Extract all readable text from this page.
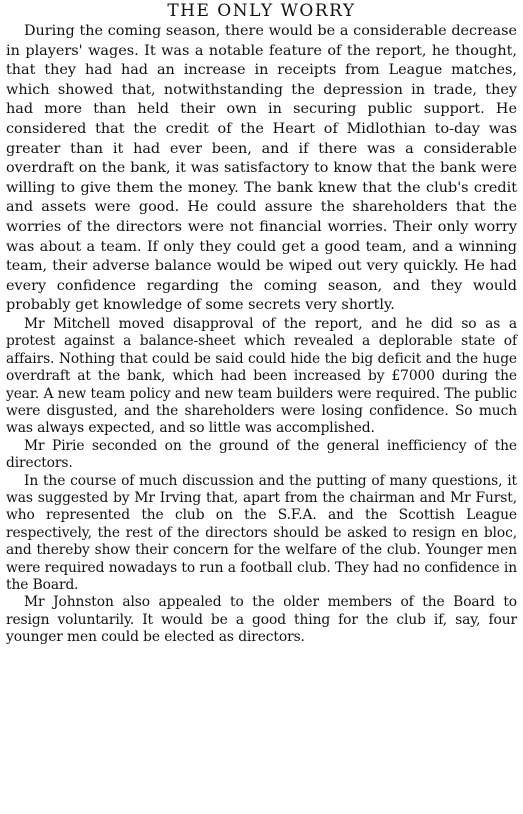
THE ONLY WORRY

During the coming season, there would be a considerable decrease in players' wages. It was a notable feature of the report, he thought, that they had had an increase in receipts from League matches, which showed that, notwithstanding the depression in trade, they had more than held their own in securing public support. He considered that the credit of the Heart of Midlothian to-day was greater than it had ever been, and if there was a considerable overdraft on the bank, it was satisfactory to know that the bank were willing to give them the money. The bank knew that the club's credit and assets were good. He could assure the shareholders that the worries of the directors were not financial worries. Their only worry was about a team. If only they could get a good team, and a winning team, their adverse balance would be wiped out very quickly. He had every confidence regarding the coming season, and they would probably get knowledge of some secrets very shortly.

Mr Mitchell moved disapproval of the report, and he did so as a protest against a balance-sheet which revealed a deplorable state of affairs. Nothing that could be said could hide the big deficit and the huge overdraft at the bank, which had been increased by £7000 during the year. A new team policy and new team builders were required. The public were disgusted, and the shareholders were losing confidence. So much was always expected, and so little was accomplished.

Mr Pirie seconded on the ground of the general inefficiency of the directors.

In the course of much discussion and the putting of many questions, it was suggested by Mr Irving that, apart from the chairman and Mr Furst, who represented the club on the S.F.A. and the Scottish League respectively, the rest of the directors should be asked to resign en bloc, and thereby show their concern for the welfare of the club. Younger men were required nowadays to run a football club. They had no confidence in the Board.

Mr Johnston also appealed to the older members of the Board to resign voluntarily. It would be a good thing for the club if, say, four younger men could be elected as directors.
